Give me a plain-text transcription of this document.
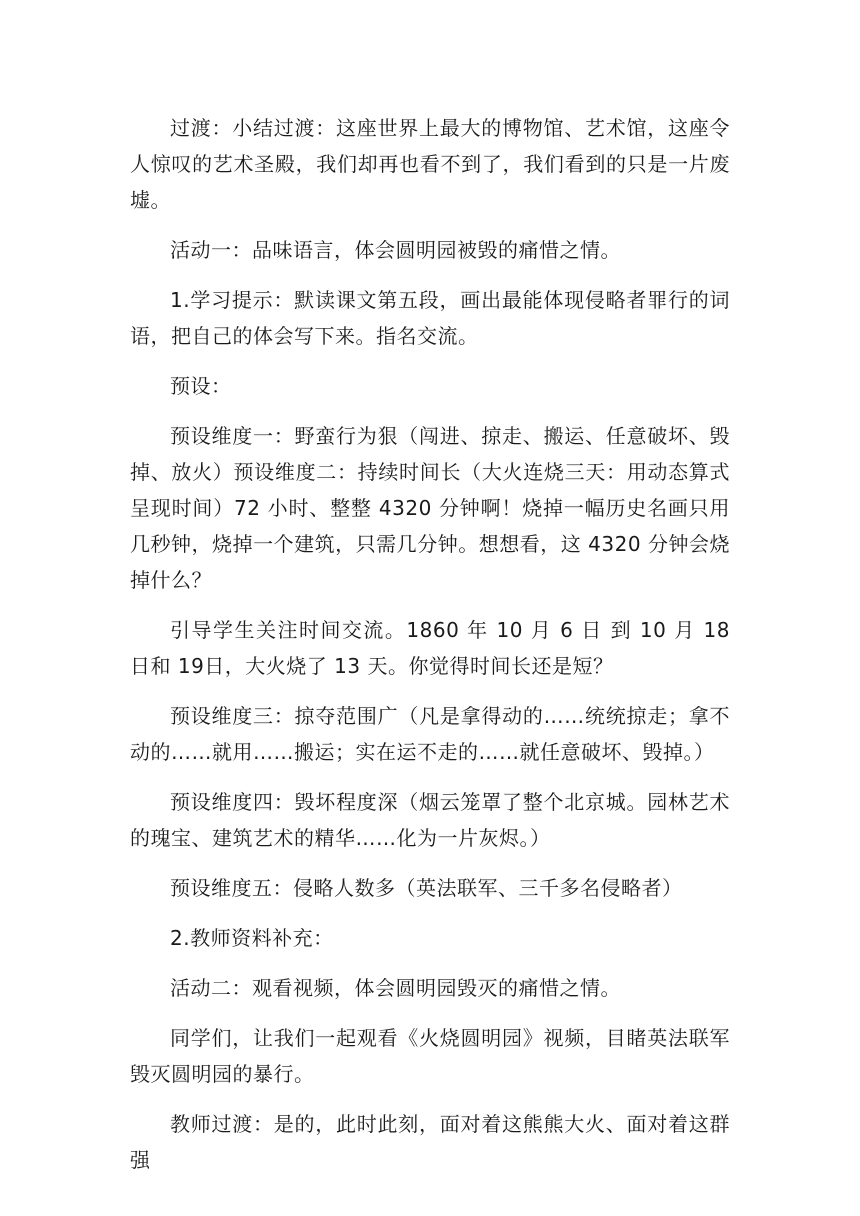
过渡：小结过渡：这座世界上最大的博物馆、艺术馆，这座令人惊叹的艺术圣殿，我们却再也看不到了，我们看到的只是一片废墟。

活动一：品味语言，体会圆明园被毁的痛惜之情。

1.学习提示：默读课文第五段，画出最能体现侵略者罪行的词语，把自己的体会写下来。指名交流。

预设：

预设维度一：野蛮行为狠（闯进、掠走、搬运、任意破坏、毁掉、放火）预设维度二：持续时间长（大火连烧三天：用动态算式呈现时间）72 小时、整整 4320 分钟啊！烧掉一幅历史名画只用几秒钟，烧掉一个建筑，只需几分钟。想想看，这 4320 分钟会烧掉什么？

引导学生关注时间交流。1860 年 10 月 6 日 到 10 月 18 日和 19日，大火烧了 13 天。你觉得时间长还是短？

预设维度三：掠夺范围广（凡是拿得动的……统统掠走；拿不动的……就用……搬运；实在运不走的……就任意破坏、毁掉。）

预设维度四：毁坏程度深（烟云笼罩了整个北京城。园林艺术的瑰宝、建筑艺术的精华……化为一片灰烬。）

预设维度五：侵略人数多（英法联军、三千多名侵略者）

2.教师资料补充：

活动二：观看视频，体会圆明园毁灭的痛惜之情。

同学们，让我们一起观看《火烧圆明园》视频，目睹英法联军毁灭圆明园的暴行。

教师过渡：是的，此时此刻，面对着这熊熊大火、面对着这群强
